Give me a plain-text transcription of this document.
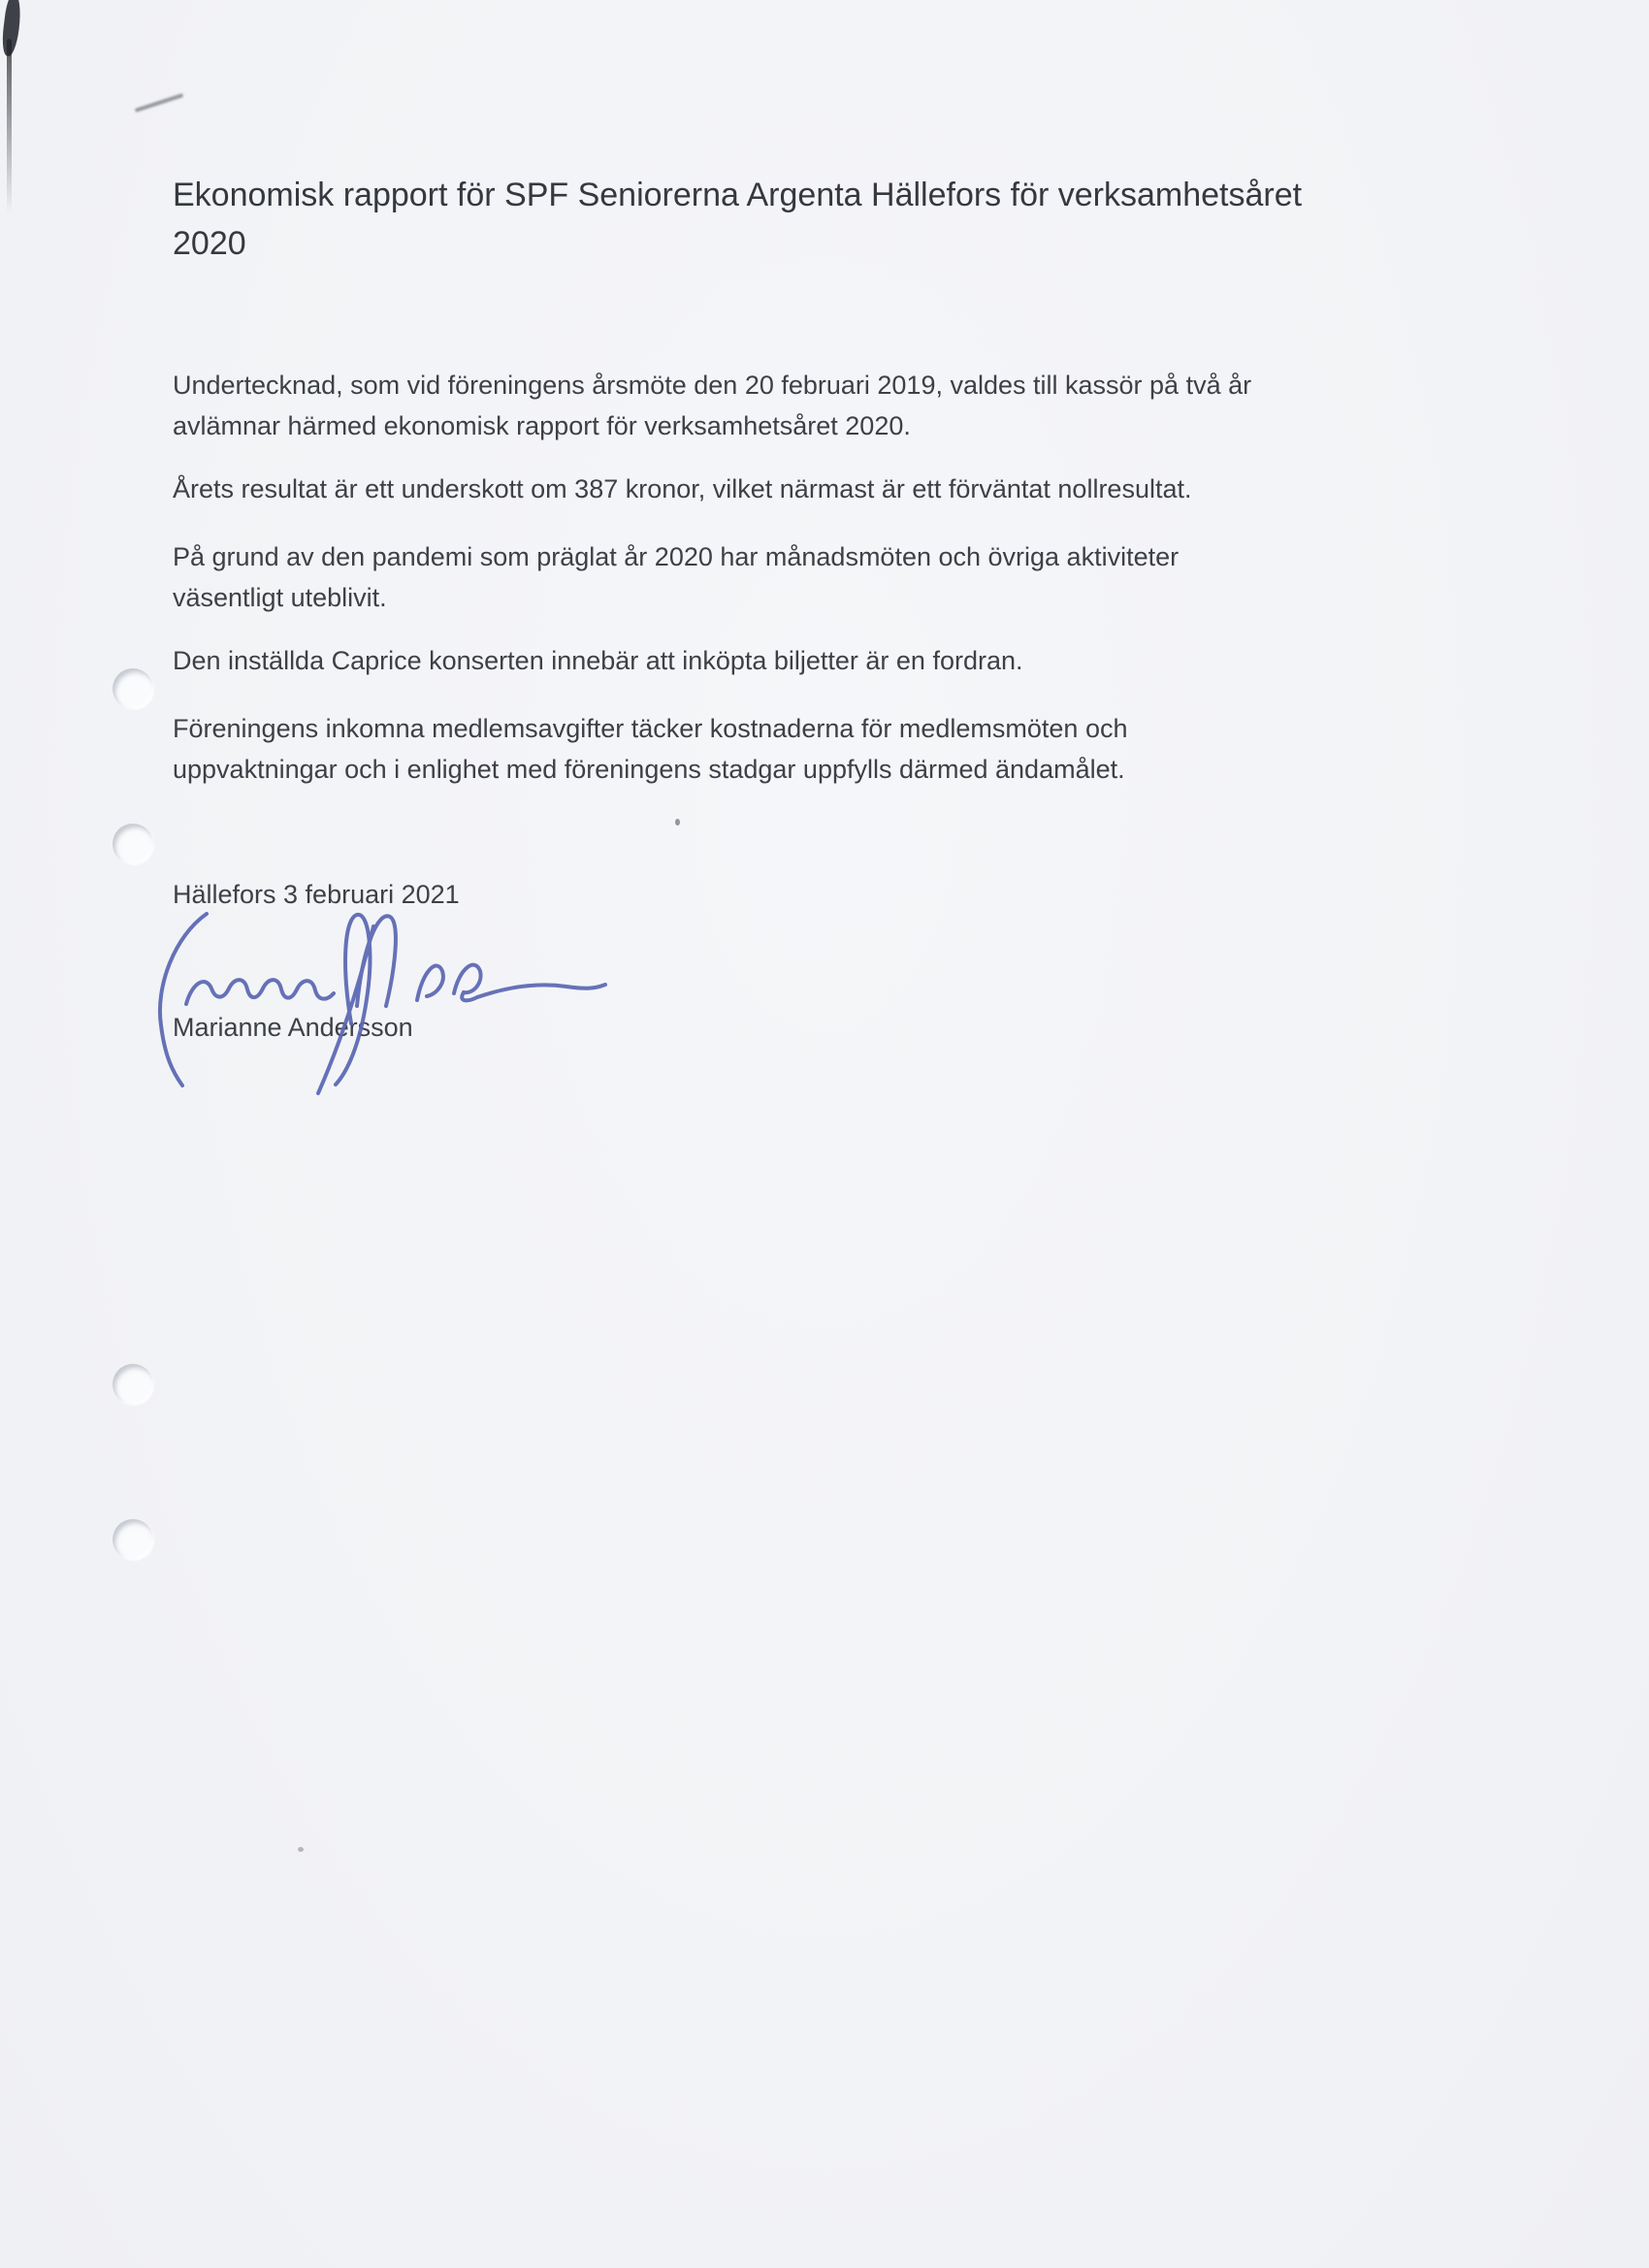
Ekonomisk rapport för SPF Seniorerna Argenta Hällefors för verksamhetsåret
2020
Undertecknad, som vid föreningens årsmöte den 20 februari 2019, valdes till kassör på två år
avlämnar härmed ekonomisk rapport för verksamhetsåret 2020.
Årets resultat är ett underskott om 387 kronor, vilket närmast är ett förväntat nollresultat.
På grund av den pandemi som präglat år 2020 har månadsmöten och övriga aktiviteter
väsentligt uteblivit.
Den inställda Caprice konserten innebär att inköpta biljetter är en fordran.
Föreningens inkomna medlemsavgifter täcker kostnaderna för medlemsmöten och
uppvaktningar och i enlighet med föreningens stadgar uppfylls därmed ändamålet.
Hällefors 3 februari 2021
Marianne Andersson
